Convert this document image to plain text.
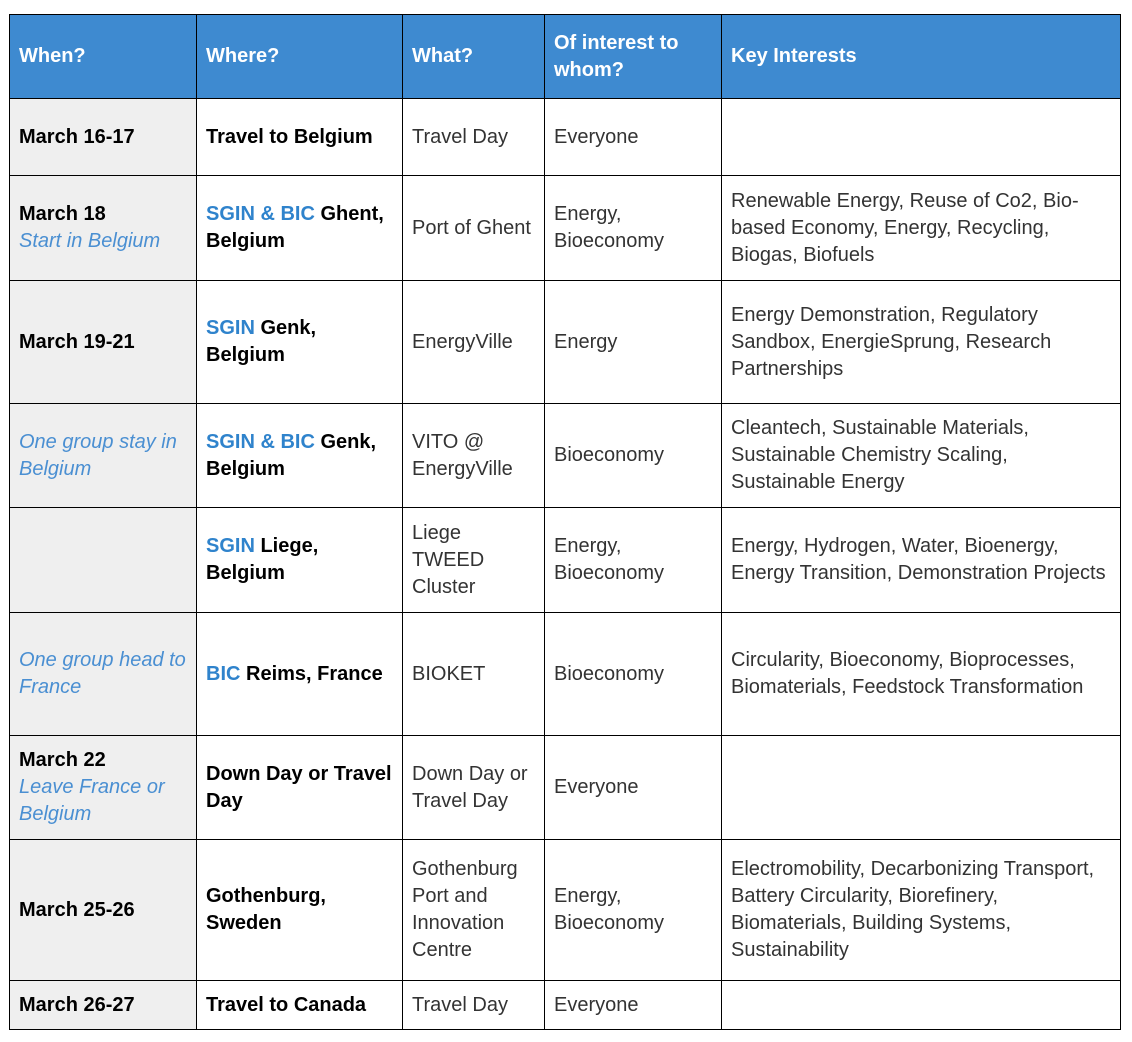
When?	Where?	What?	Of interest to whom?	Key Interests

March 16-17	Travel to Belgium	Travel Day	Everyone	

March 18
Start in Belgium	SGIN & BIC Ghent, Belgium	Port of Ghent	Energy, Bioeconomy	Renewable Energy, Reuse of Co2, Bio-based Economy, Energy, Recycling, Biogas, Biofuels

March 19-21	SGIN Genk, Belgium	EnergyVille	Energy	Energy Demonstration, Regulatory Sandbox, EnergieSprung, Research Partnerships

One group stay in Belgium	SGIN & BIC Genk, Belgium	VITO @ EnergyVille	Bioeconomy	Cleantech, Sustainable Materials, Sustainable Chemistry Scaling, Sustainable Energy
	SGIN Liege, Belgium	Liege TWEED Cluster	Energy, Bioeconomy	Energy, Hydrogen, Water, Bioenergy, Energy Transition, Demonstration Projects

One group head to France	BIC Reims, France	BIOKET	Bioeconomy	Circularity, Bioeconomy, Bioprocesses, Biomaterials, Feedstock Transformation

March 22
Leave France or Belgium	Down Day or Travel Day	Down Day or Travel Day	Everyone	

March 25-26	Gothenburg, Sweden	Gothenburg Port and Innovation Centre	Energy, Bioeconomy	Electromobility, Decarbonizing Transport, Battery Circularity, Biorefinery, Biomaterials, Building Systems, Sustainability

March 26-27	Travel to Canada	Travel Day	Everyone	
